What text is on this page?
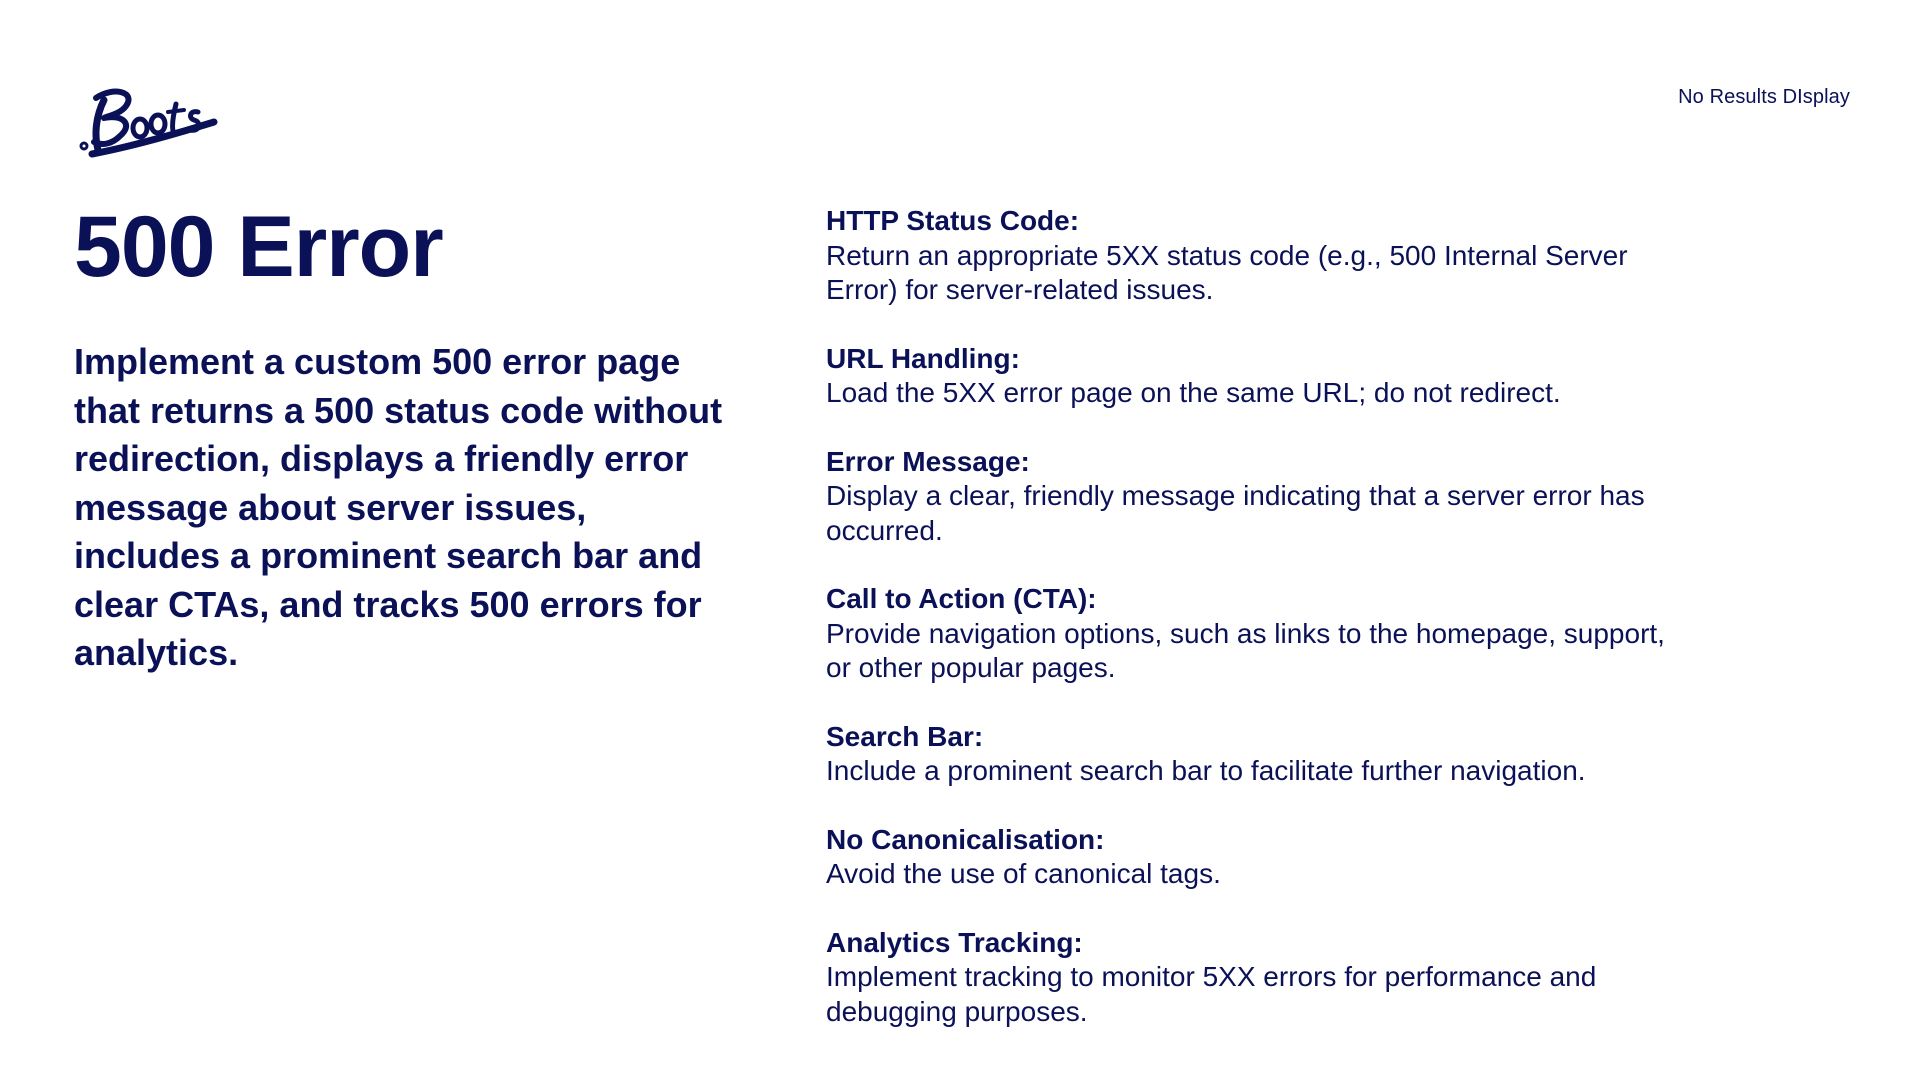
No Results DIsplay
500 Error

Implement a custom 500 error page that returns a 500 status code without redirection, displays a friendly error message about server issues, includes a prominent search bar and clear CTAs, and tracks 500 errors for analytics.

HTTP Status Code:
Return an appropriate 5XX status code (e.g., 500 Internal Server Error) for server-related issues.
URL Handling:
Load the 5XX error page on the same URL; do not redirect.
Error Message:
Display a clear, friendly message indicating that a server error has occurred.
Call to Action (CTA):
Provide navigation options, such as links to the homepage, support, or other popular pages.
Search Bar:
Include a prominent search bar to facilitate further navigation.
No Canonicalisation:
Avoid the use of canonical tags.
Analytics Tracking:
Implement tracking to monitor 5XX errors for performance and debugging purposes.
